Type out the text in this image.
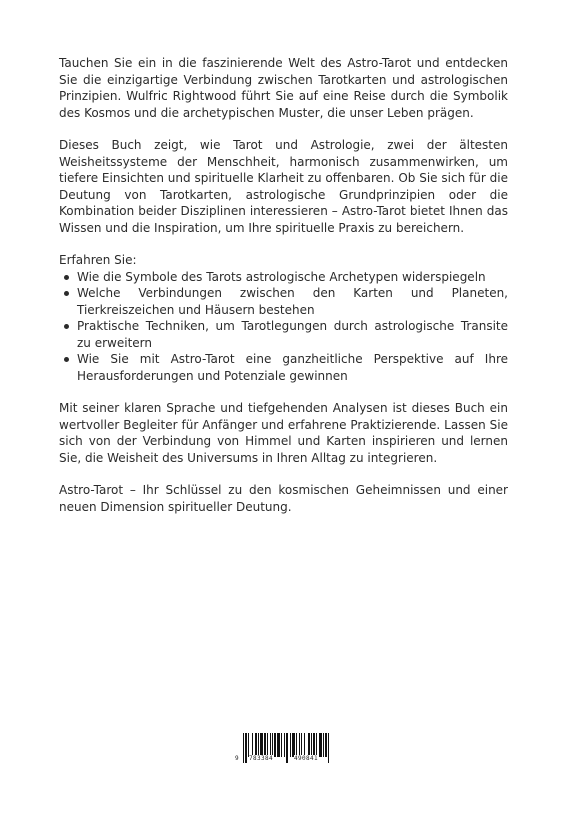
Tauchen Sie ein in die faszinierende Welt des Astro-Tarot und entdecken Sie die einzigartige Verbindung zwischen Tarotkarten und astrologischen Prinzipien. Wulfric Rightwood führt Sie auf eine Reise durch die Symbolik des Kosmos und die archetypischen Muster, die unser Leben prägen.

Dieses Buch zeigt, wie Tarot und Astrologie, zwei der ältesten Weisheitssysteme der Menschheit, harmonisch zusammenwirken, um tiefere Einsichten und spirituelle Klarheit zu offenbaren. Ob Sie sich für die Deutung von Tarotkarten, astrologische Grundprinzipien oder die Kombination beider Disziplinen interessieren – Astro-Tarot bietet Ihnen das Wissen und die Inspiration, um Ihre spirituelle Praxis zu bereichern.

Erfahren Sie:

Wie die Symbole des Tarots astrologische Archetypen widerspiegeln
Welche Verbindungen zwischen den Karten und Planeten, Tierkreiszeichen und Häusern bestehen
Praktische Techniken, um Tarotlegungen durch astrologische Transite zu erweitern
Wie Sie mit Astro-Tarot eine ganzheitliche Perspektive auf Ihre Herausforderungen und Potenziale gewinnen

Mit seiner klaren Sprache und tiefgehenden Analysen ist dieses Buch ein wertvoller Begleiter für Anfänger und erfahrene Praktizierende. Lassen Sie sich von der Verbindung von Himmel und Karten inspirieren und lernen Sie, die Weisheit des Universums in Ihren Alltag zu integrieren.

Astro-Tarot – Ihr Schlüssel zu den kosmischen Geheimnissen und einer neuen Dimension spiritueller Deutung.

9 783384	490841
